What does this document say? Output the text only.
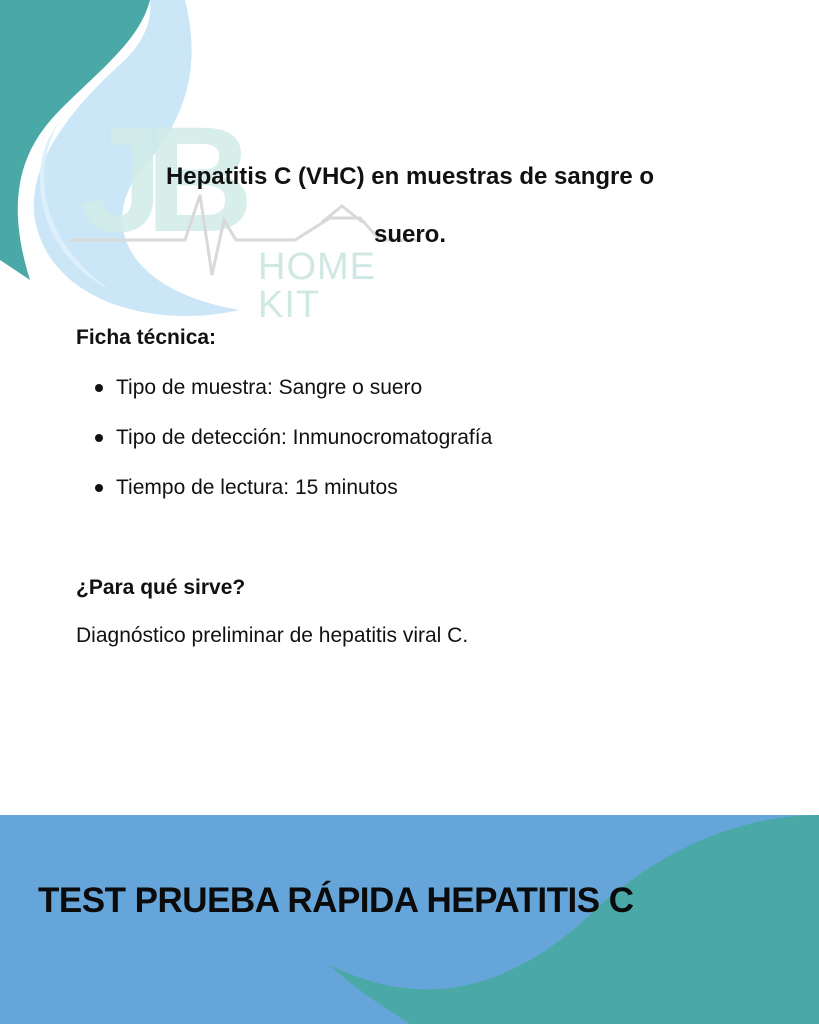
JB
HOME KIT
Hepatitis C (VHC) en muestras de sangre o
suero.
Ficha técnica:
Tipo de muestra: Sangre o suero
Tipo de detección: Inmunocromatografía
Tiempo de lectura: 15 minutos
¿Para qué sirve?
Diagnóstico preliminar de hepatitis viral C.
TEST PRUEBA RÁPIDA HEPATITIS C
